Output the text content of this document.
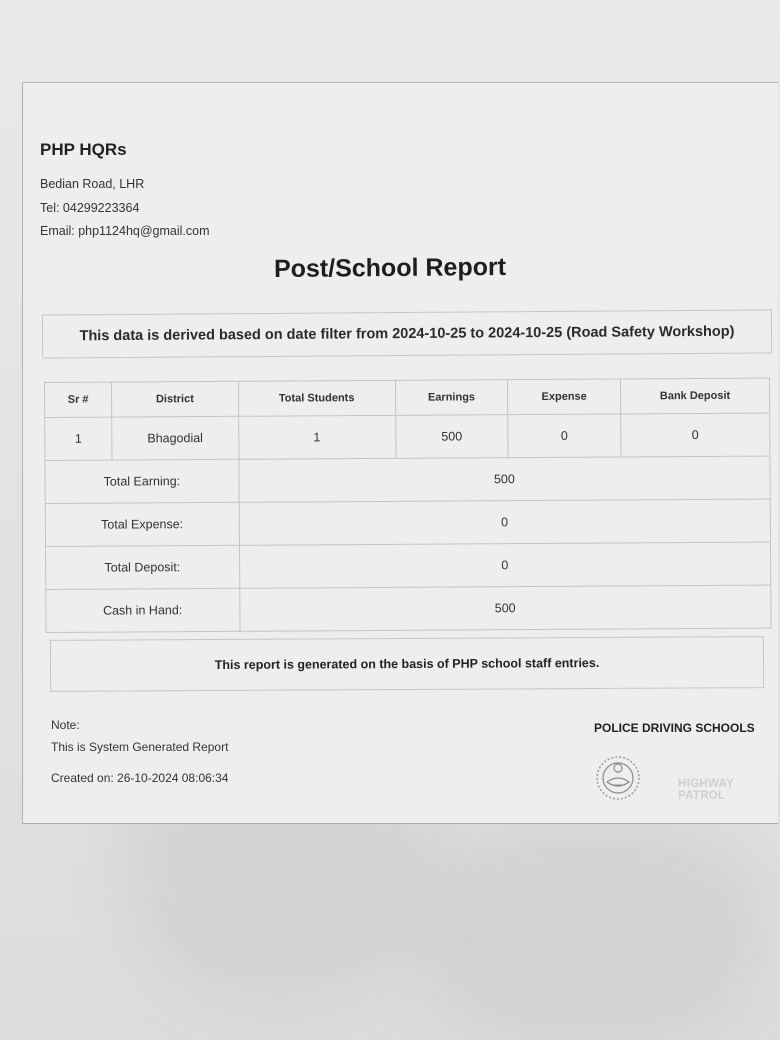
PHP HQRs
Bedian Road, LHR
Tel: 04299223364
Email: php1124hq@gmail.com
Post/School Report
This data is derived based on date filter from 2024-10-25 to 2024-10-25 (Road Safety Workshop)
Sr #	District	Total Students	Earnings	Expense	Bank Deposit
1	Bhagodial	1	500	0	0
Total Earning:		500			
Total Expense:		0			
Total Deposit:		0			
Cash in Hand:		500			
This report is generated on the basis of PHP school staff entries.
Note:
This is System Generated Report
Created on: 26-10-2024 08:06:34
POLICE DRIVING SCHOOLS
HIGHWAY PATROL
